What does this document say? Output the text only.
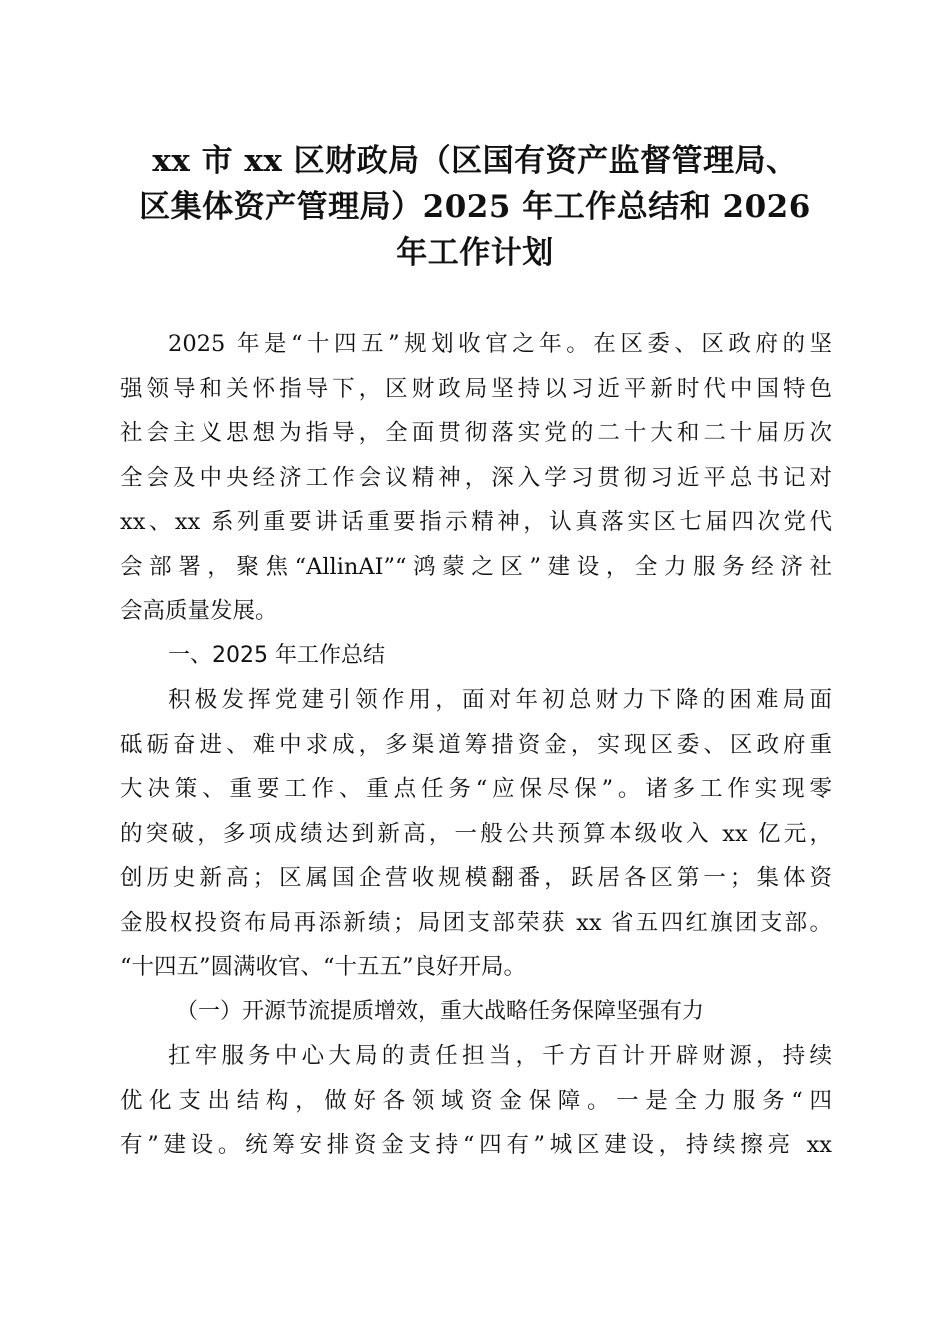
xx 市 xx 区财政局（区国有资产监督管理局、
区集体资产管理局）2025 年工作总结和 2026
年工作计划
2025 年是“十四五”规划收官之年。在区委、区政府的坚
强领导和关怀指导下，区财政局坚持以习近平新时代中国特色
社会主义思想为指导，全面贯彻落实党的二十大和二十届历次
全会及中央经济工作会议精神，深入学习贯彻习近平总书记对
xx、xx 系列重要讲话重要指示精神，认真落实区七届四次党代
会部署，聚焦“AllinAI”“鸿蒙之区”建设，全力服务经济社
会高质量发展。
一、2025 年工作总结
积极发挥党建引领作用，面对年初总财力下降的困难局面
砥砺奋进、难中求成，多渠道筹措资金，实现区委、区政府重
大决策、重要工作、重点任务“应保尽保”。诸多工作实现零
的突破，多项成绩达到新高，一般公共预算本级收入 xx 亿元，
创历史新高；区属国企营收规模翻番，跃居各区第一；集体资
金股权投资布局再添新绩；局团支部荣获 xx 省五四红旗团支部。
“十四五”圆满收官、“十五五”良好开局。
（一）开源节流提质增效，重大战略任务保障坚强有力
扛牢服务中心大局的责任担当，千方百计开辟财源，持续
优化支出结构，做好各领域资金保障。一是全力服务“四
有”建设。统筹安排资金支持“四有”城区建设，持续擦亮 xx
